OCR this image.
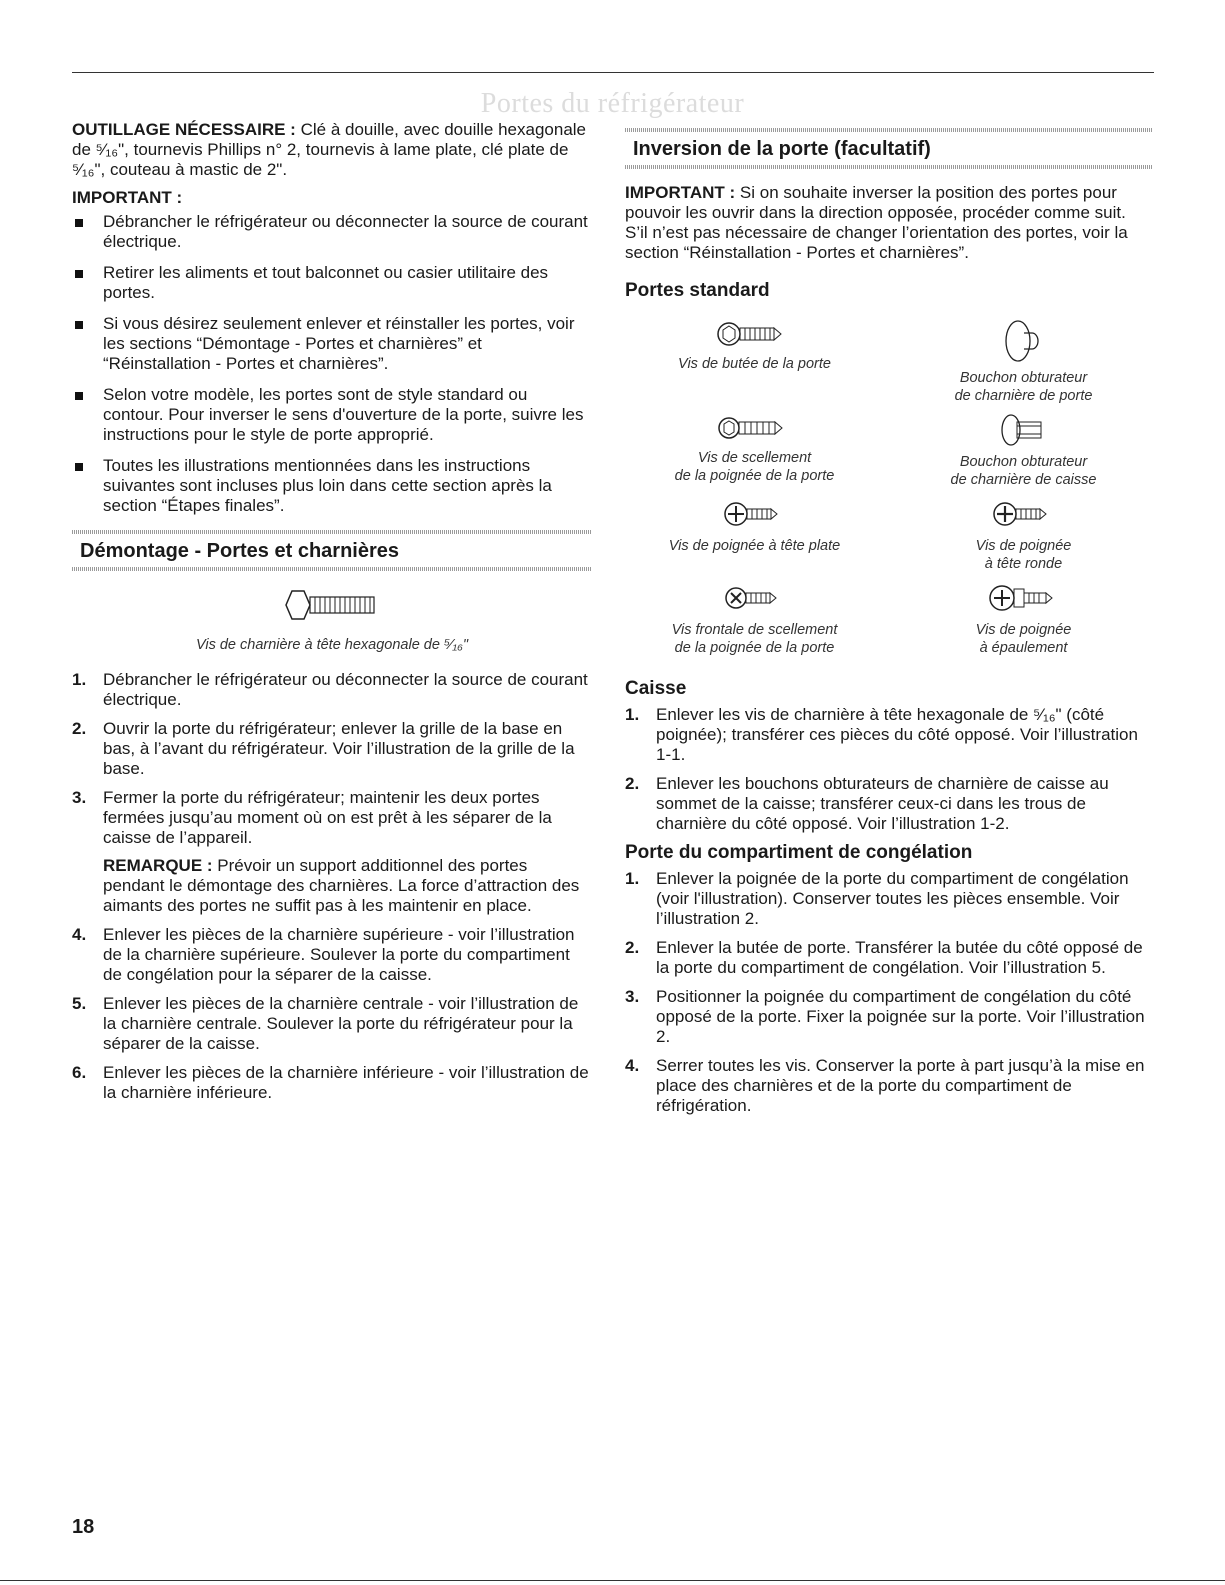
Portes du réfrigérateur

OUTILLAGE NÉCESSAIRE : Clé à douille, avec douille hexagonale de ⁵⁄₁₆", tournevis Phillips n° 2, tournevis à lame plate, clé plate de ⁵⁄₁₆", couteau à mastic de 2".

IMPORTANT :

Débrancher le réfrigérateur ou déconnecter la source de courant électrique.
Retirer les aliments et tout balconnet ou casier utilitaire des portes.
Si vous désirez seulement enlever et réinstaller les portes, voir les sections “Démontage - Portes et charnières” et “Réinstallation - Portes et charnières”.
Selon votre modèle, les portes sont de style standard ou contour. Pour inverser le sens d'ouverture de la porte, suivre les instructions pour le style de porte approprié.
Toutes les illustrations mentionnées dans les instructions suivantes sont incluses plus loin dans cette section après la section “Étapes finales”.
Démontage - Portes et charnières
Vis de charnière à tête hexagonale de ⁵⁄₁₆"
1. Débrancher le réfrigérateur ou déconnecter la source de courant électrique.
2. Ouvrir la porte du réfrigérateur; enlever la grille de la base en bas, à l’avant du réfrigérateur. Voir l’illustration de la grille de la base.
3. Fermer la porte du réfrigérateur; maintenir les deux portes fermées jusqu’au moment où on est prêt à les séparer de la caisse de l’appareil.

REMARQUE : Prévoir un support additionnel des portes pendant le démontage des charnières. La force d’attraction des aimants des portes ne suffit pas à les maintenir en place.

4. Enlever les pièces de la charnière supérieure - voir l’illustration de la charnière supérieure. Soulever la porte du compartiment de congélation pour la séparer de la caisse.
5. Enlever les pièces de la charnière centrale - voir l’illustration de la charnière centrale. Soulever la porte du réfrigérateur pour la séparer de la caisse.
6. Enlever les pièces de la charnière inférieure - voir l’illustration de la charnière inférieure.
Inversion de la porte (facultatif)

IMPORTANT : Si on souhaite inverser la position des portes pour pouvoir les ouvrir dans la direction opposée, procéder comme suit. S’il n’est pas nécessaire de changer l’orientation des portes, voir la section “Réinstallation - Portes et charnières”.

Portes standard
Vis de butée de la porte
Bouchon obturateur
de charnière de porte
Vis de scellement
de la poignée de la porte
Bouchon obturateur
de charnière de caisse
Vis de poignée à tête plate	Vis de poignée
à tête ronde
Vis frontale de scellement
de la poignée de la porte
Vis de poignée
à épaulement
Caisse
1. Enlever les vis de charnière à tête hexagonale de ⁵⁄₁₆" (côté poignée); transférer ces pièces du côté opposé. Voir l’illustration 1-1.
2. Enlever les bouchons obturateurs de charnière de caisse au sommet de la caisse; transférer ceux-ci dans les trous de charnière du côté opposé. Voir l’illustration 1-2.
Porte du compartiment de congélation
1. Enlever la poignée de la porte du compartiment de congélation (voir l'illustration). Conserver toutes les pièces ensemble. Voir l’illustration 2.
2. Enlever la butée de porte. Transférer la butée du côté opposé de la porte du compartiment de congélation. Voir l’illustration 5.
3. Positionner la poignée du compartiment de congélation du côté opposé de la porte. Fixer la poignée sur la porte. Voir l’illustration 2.
4. Serrer toutes les vis. Conserver la porte à part jusqu’à la mise en place des charnières et de la porte du compartiment de réfrigération.
18
